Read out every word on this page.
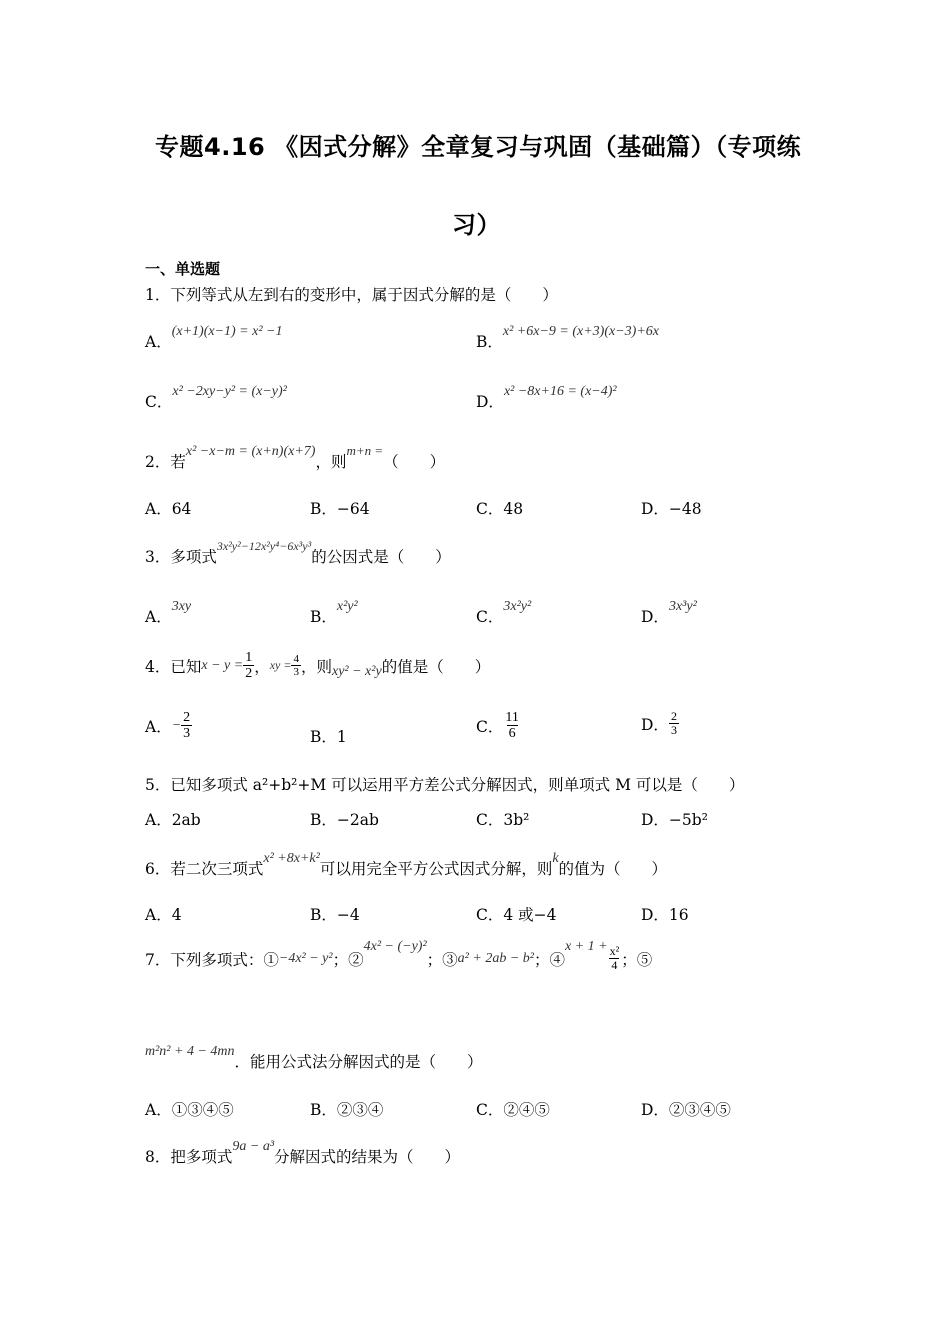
专题4.16 《因式分解》全章复习与巩固（基础篇）（专项练
习）
一、单选题
1．下列等式从左到右的变形中，属于因式分解的是（　　）
A．(x+1)(x−1) = x² −1
B．x² +6x−9 = (x+3)(x−3)+6x
C．x² −2xy−y² = (x−y)²
D．x² −8x+16 = (x−4)²
2．若x² −x−m = (x+n)(x+7)，则$^{m+n =}$（　　）
A．64	B．−64	C．48	D．−48
3．多项式$^{3x^2y^2-12x^2y^4-6x^3y^3}$的公因式是（　　）
A．3xy
B．x²y²
C．3x²y²
D．3x³y²
4．已知 $x - y = \frac{1}{2}$ ， xy = $\frac{4}{3}$ ，则 xy² − x²y 的值是（　　）
A． − $\frac{2}{3}$	B．1
C． $\frac{11}{6}$	D． $\frac{2}{3}$
5．已知多项式 a²+b²+M 可以运用平方差公式分解因式，则单项式 M 可以是（　　）
A．2ab	B．−2ab	C．3b²	D．−5b²
6．若二次三项式x² +8x+k²可以用完全平方公式因式分解，则k的值为（　　）
A．4	B．−4	C．4 或−4	D．16
7．下列多项式：① −4x² − y² ；②
4x² − (−y)²
；③ a² + 2ab − b² ；④
$x + 1 + \frac{\text{x²}}{4}$ ；⑤
m²n² + 4 − 4mn．能用公式法分解因式的是（　　）
A．①③④⑤	B．②③④	C．②④⑤	D．②③④⑤
8．把多项式9a − a³分解因式的结果为（　　）
